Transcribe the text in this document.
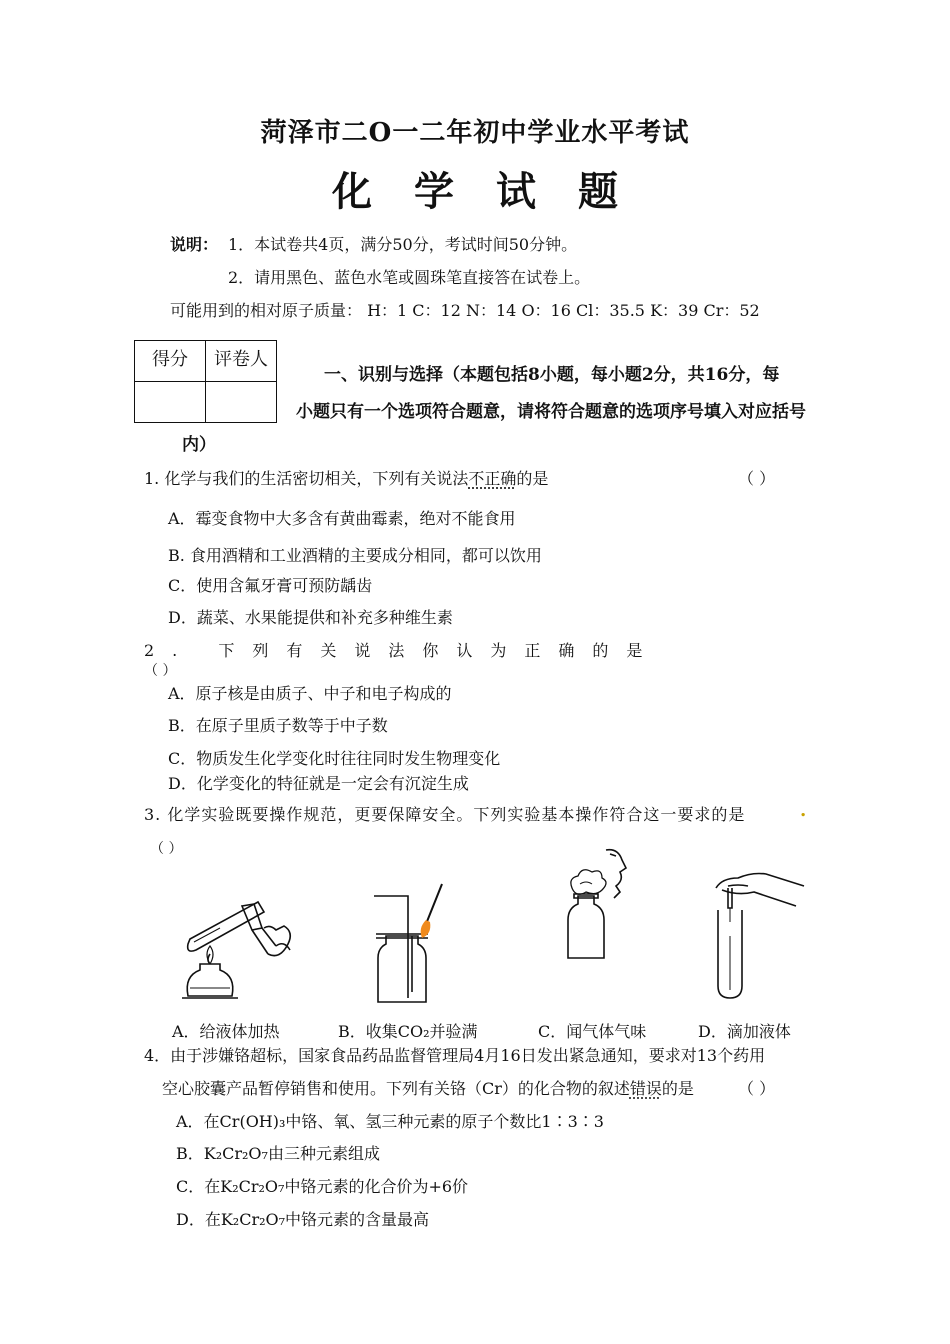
菏泽市二O一二年初中学业水平考试
化学试题
说明： 1．本试卷共4页，满分50分，考试时间50分钟。
2．请用黑色、蓝色水笔或圆珠笔直接答在试卷上。
可能用到的相对原子质量： H：1 C：12 N：14 O：16 Cl：35.5 K：39 Cr：52
得分	评卷人

一、识别与选择（本题包括8小题，每小题2分，共16分，每
小题只有一个选项符合题意，请将符合题意的选项序号填入对应括号
内）
1. 化学与我们的生活密切相关，下列有关说法不正确的是	（ ）
A．霉变食物中大多含有黄曲霉素，绝对不能食用
B. 食用酒精和工业酒精的主要成分相同，都可以饮用
C．使用含氟牙膏可预防龋齿
D．蔬菜、水果能提供和补充多种维生素
2. 下列有关说法你认为正确的是
（ ）
A．原子核是由质子、中子和电子构成的
B．在原子里质子数等于中子数
C．物质发生化学变化时往往同时发生物理变化
D．化学变化的特征就是一定会有沉淀生成
3. 化学实验既要操作规范，更要保障安全。下列实验基本操作符合这一要求的是	.
（ ）
A．给液体加热	B．收集CO₂并验满	C．闻气体气味	D．滴加液体
4．由于涉嫌铬超标，国家食品药品监督管理局4月16日发出紧急通知，要求对13个药用
空心胶囊产品暂停销售和使用。下列有关铬（Cr）的化合物的叙述错误的是	（ ）
A．在Cr(OH)₃中铬、氧、氢三种元素的原子个数比1∶3∶3
B．K₂Cr₂O₇由三种元素组成
C．在K₂Cr₂O₇中铬元素的化合价为+6价
D．在K₂Cr₂O₇中铬元素的含量最高
